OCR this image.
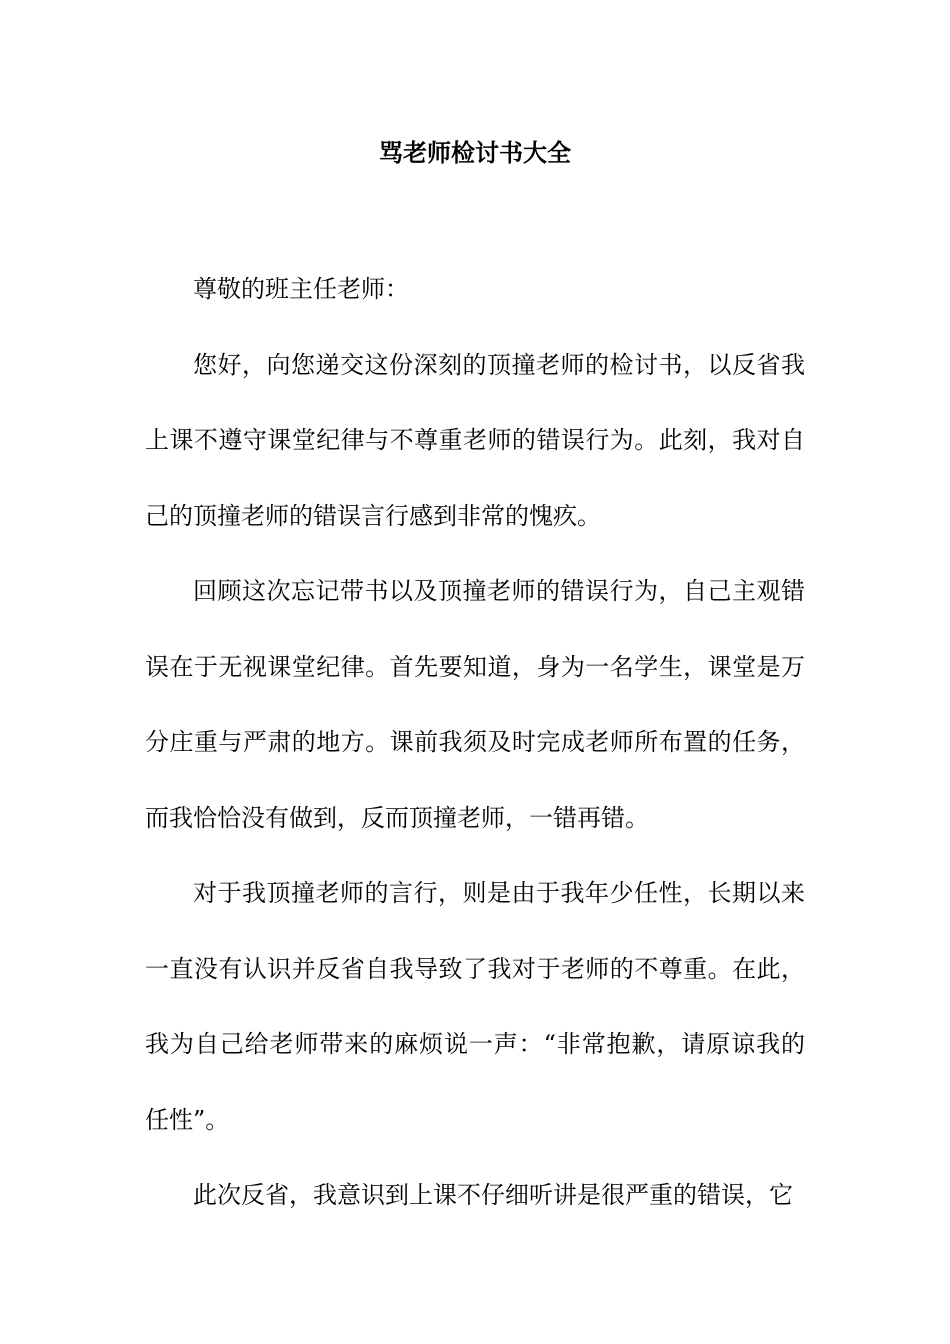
骂老师检讨书大全

尊敬的班主任老师：

您好，向您递交这份深刻的顶撞老师的检讨书，以反省我上课不遵守课堂纪律与不尊重老师的错误行为。此刻，我对自己的顶撞老师的错误言行感到非常的愧疚。

回顾这次忘记带书以及顶撞老师的错误行为，自己主观错误在于无视课堂纪律。首先要知道，身为一名学生，课堂是万分庄重与严肃的地方。课前我须及时完成老师所布置的任务，而我恰恰没有做到，反而顶撞老师，一错再错。

对于我顶撞老师的言行，则是由于我年少任性，长期以来一直没有认识并反省自我导致了我对于老师的不尊重。在此，我为自己给老师带来的麻烦说一声：“非常抱歉，请原谅我的任性”。

此次反省，我意识到上课不仔细听讲是很严重的错误，它
